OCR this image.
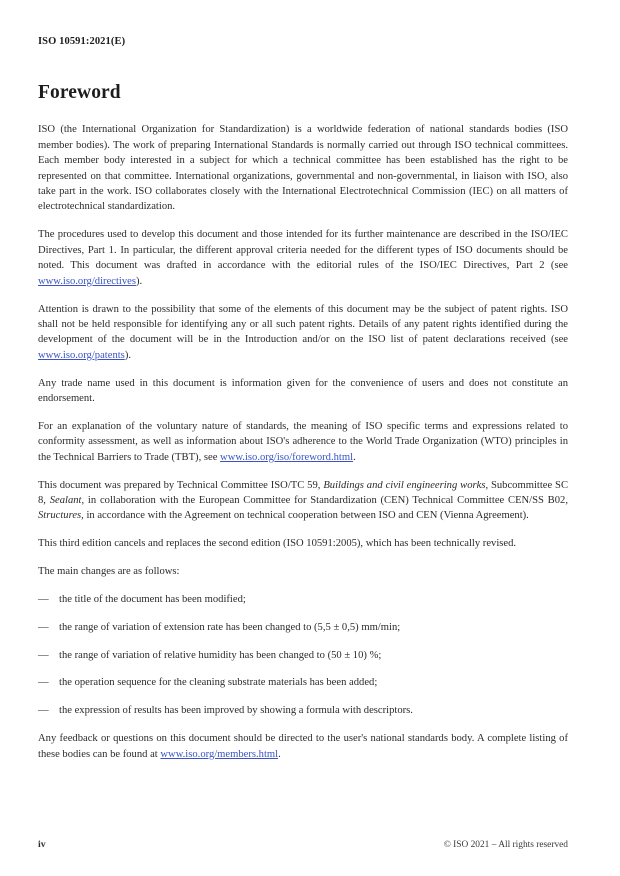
ISO 10591:2021(E)
Foreword

ISO (the International Organization for Standardization) is a worldwide federation of national standards bodies (ISO member bodies). The work of preparing International Standards is normally carried out through ISO technical committees. Each member body interested in a subject for which a technical committee has been established has the right to be represented on that committee. International organizations, governmental and non-governmental, in liaison with ISO, also take part in the work. ISO collaborates closely with the International Electrotechnical Commission (IEC) on all matters of electrotechnical standardization.

The procedures used to develop this document and those intended for its further maintenance are described in the ISO/IEC Directives, Part 1. In particular, the different approval criteria needed for the different types of ISO documents should be noted. This document was drafted in accordance with the editorial rules of the ISO/IEC Directives, Part 2 (see www.iso.org/directives).

Attention is drawn to the possibility that some of the elements of this document may be the subject of patent rights. ISO shall not be held responsible for identifying any or all such patent rights. Details of any patent rights identified during the development of the document will be in the Introduction and/or on the ISO list of patent declarations received (see www.iso.org/patents).

Any trade name used in this document is information given for the convenience of users and does not constitute an endorsement.

For an explanation of the voluntary nature of standards, the meaning of ISO specific terms and expressions related to conformity assessment, as well as information about ISO's adherence to the World Trade Organization (WTO) principles in the Technical Barriers to Trade (TBT), see www.iso.org/iso/foreword.html.

This document was prepared by Technical Committee ISO/TC 59, Buildings and civil engineering works, Subcommittee SC 8, Sealant, in collaboration with the European Committee for Standardization (CEN) Technical Committee CEN/SS B02, Structures, in accordance with the Agreement on technical cooperation between ISO and CEN (Vienna Agreement).

This third edition cancels and replaces the second edition (ISO 10591:2005), which has been technically revised.

The main changes are as follows:

— the title of the document has been modified;
— the range of variation of extension rate has been changed to (5,5 ± 0,5) mm/min;
— the range of variation of relative humidity has been changed to (50 ± 10) %;
— the operation sequence for the cleaning substrate materials has been added;
— the expression of results has been improved by showing a formula with descriptors.

Any feedback or questions on this document should be directed to the user's national standards body. A complete listing of these bodies can be found at www.iso.org/members.html.

iv	© ISO 2021 – All rights reserved
